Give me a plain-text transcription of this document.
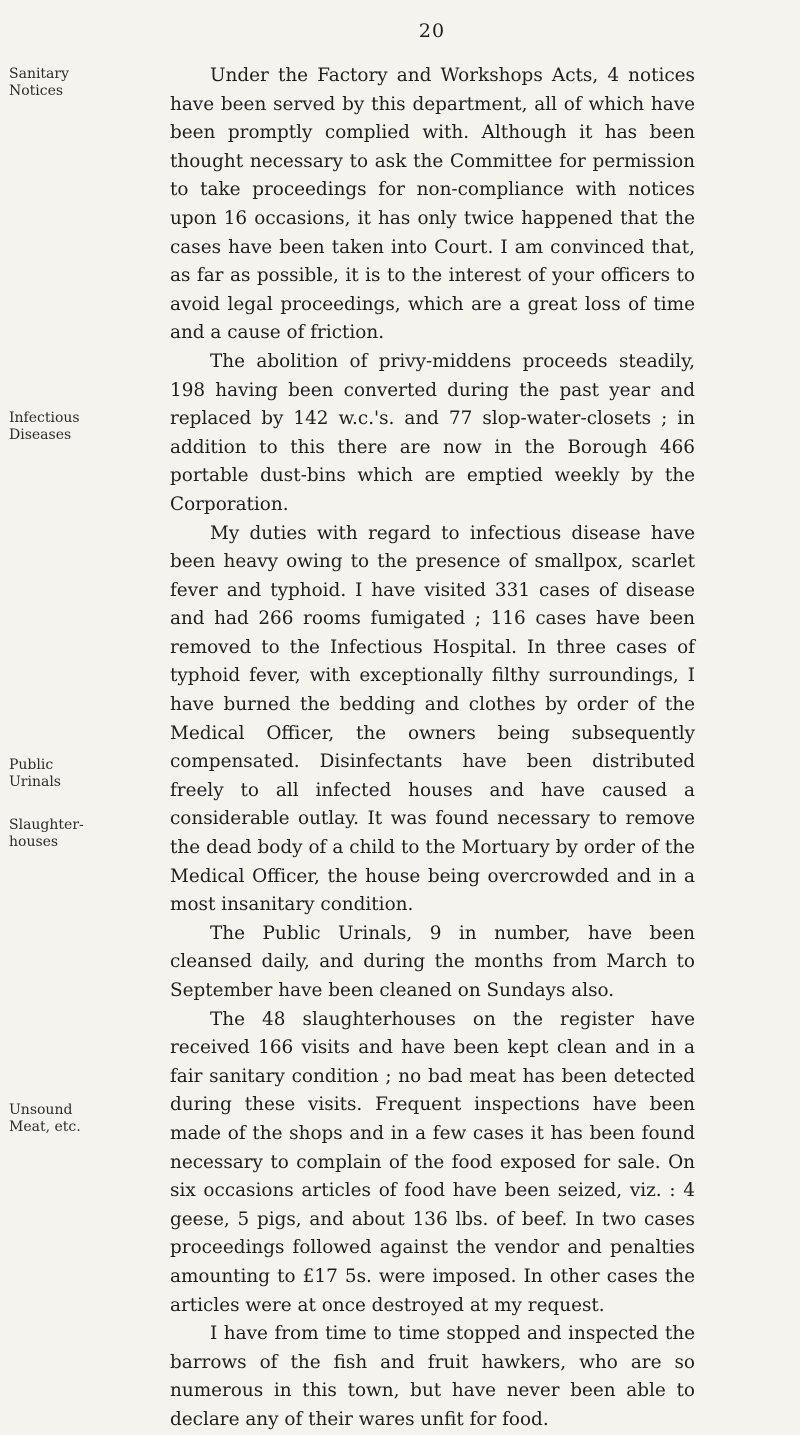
20
Sanitary Notices
Infectious Diseases
Public Urinals
Slaughter-houses
Unsound Meat, etc.

Under the Factory and Workshops Acts, 4 notices have been served by this department, all of which have been promptly complied with. Although it has been thought necessary to ask the Committee for permission to take proceedings for non-compliance with notices upon 16 occasions, it has only twice happened that the cases have been taken into Court. I am convinced that, as far as possible, it is to the interest of your officers to avoid legal proceedings, which are a great loss of time and a cause of friction.

The abolition of privy-middens proceeds steadily, 198 having been converted during the past year and replaced by 142 w.c.'s. and 77 slop-water-closets ; in addition to this there are now in the Borough 466 portable dust-bins which are emptied weekly by the Corporation.

My duties with regard to infectious disease have been heavy owing to the presence of smallpox, scarlet fever and typhoid. I have visited 331 cases of disease and had 266 rooms fumigated ; 116 cases have been removed to the Infectious Hospital. In three cases of typhoid fever, with exceptionally filthy surroundings, I have burned the bedding and clothes by order of the Medical Officer, the owners being subsequently compensated. Disinfectants have been distributed freely to all infected houses and have caused a considerable outlay. It was found necessary to remove the dead body of a child to the Mortuary by order of the Medical Officer, the house being overcrowded and in a most insanitary condition.

The Public Urinals, 9 in number, have been cleansed daily, and during the months from March to September have been cleaned on Sundays also.

The 48 slaughterhouses on the register have received 166 visits and have been kept clean and in a fair sanitary condition ; no bad meat has been detected during these visits. Frequent inspections have been made of the shops and in a few cases it has been found necessary to complain of the food exposed for sale. On six occasions articles of food have been seized, viz. : 4 geese, 5 pigs, and about 136 lbs. of beef. In two cases proceedings followed against the vendor and penalties amounting to £17 5s. were imposed. In other cases the articles were at once destroyed at my request.

I have from time to time stopped and inspected the barrows of the fish and fruit hawkers, who are so numerous in this town, but have never been able to declare any of their wares unfit for food.
